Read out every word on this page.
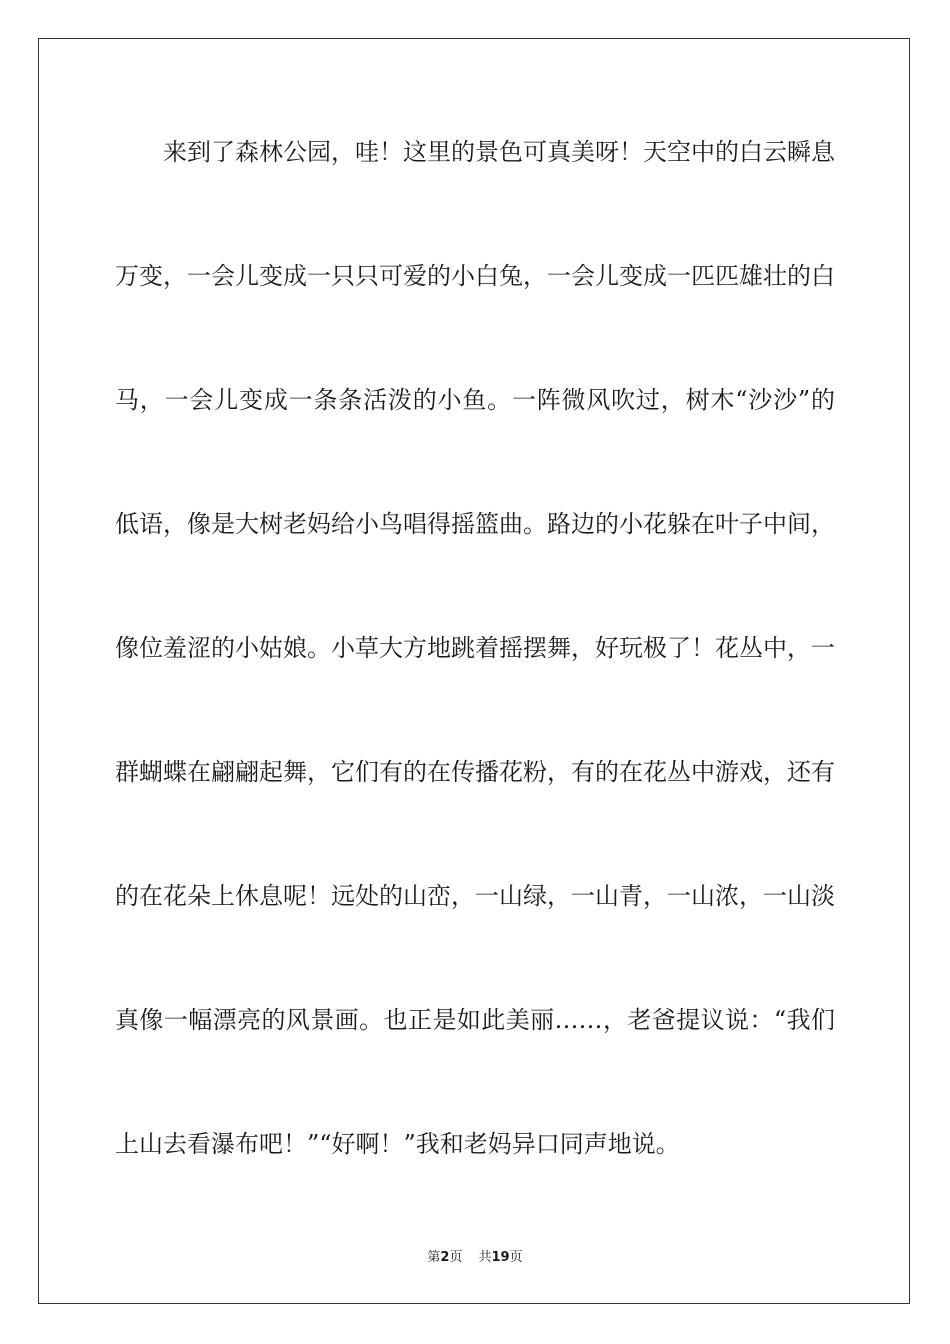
来到了森林公园，哇！这里的景色可真美呀！天空中的白云瞬息
万变，一会儿变成一只只可爱的小白兔，一会儿变成一匹匹雄壮的白
马，一会儿变成一条条活泼的小鱼。一阵微风吹过，树木“沙沙”的
低语，像是大树老妈给小鸟唱得摇篮曲。路边的小花躲在叶子中间，
像位羞涩的小姑娘。小草大方地跳着摇摆舞，好玩极了！花丛中，一
群蝴蝶在翩翩起舞，它们有的在传播花粉，有的在花丛中游戏，还有
的在花朵上休息呢！远处的山峦，一山绿，一山青，一山浓，一山淡
真像一幅漂亮的风景画。也正是如此美丽……，老爸提议说：“我们
上山去看瀑布吧！”“好啊！”我和老妈异口同声地说。
第2页 共19页
